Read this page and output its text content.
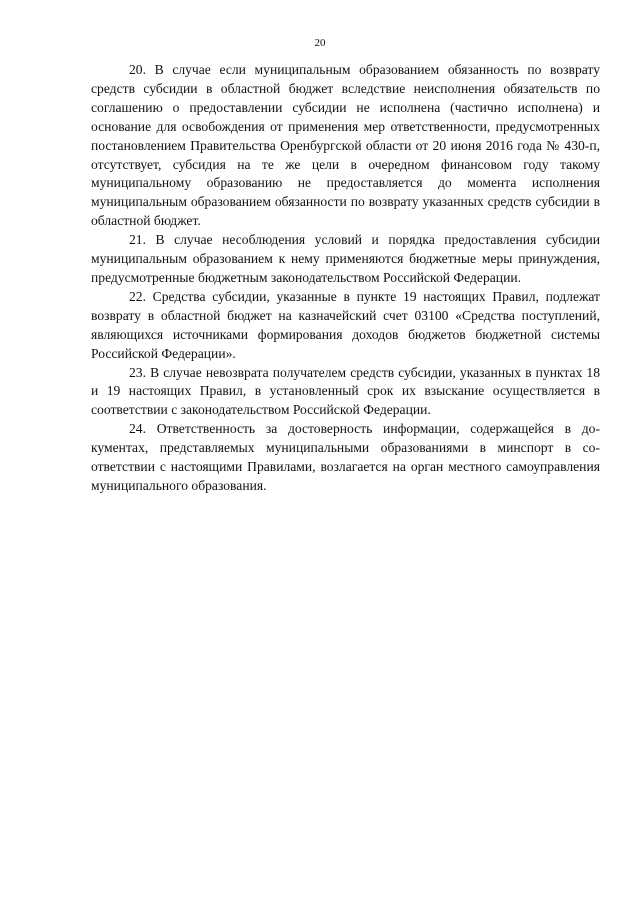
20

20. В случае если муниципальным образованием обязанность по возврату средств субсидии в областной бюджет вследствие неисполнения обязательств по соглашению о предоставлении субсидии не исполнена (частично исполнена) и основание для освобождения от применения мер ответственности, предусмотренных постановлением Правительства Оренбургской области от 20 июня 2016 года № 430-п, отсутствует, субсидия на те же цели в очередном финансовом году такому муниципальному образованию не предоставляется до момента исполнения муниципальным образованием обязанности по возврату указанных средств субсидии в областной бюджет.

21. В случае несоблюдения условий и порядка предоставления субсидии муниципальным образованием к нему применяются бюджетные меры принуждения, предусмотренные бюджетным законодательством Российской Федерации.

22. Средства субсидии, указанные в пункте 19 настоящих Правил, подлежат возврату в областной бюджет на казначейский счет 03100 «Средства поступлений, являющихся источниками формирования доходов бюджетов бюджетной системы Российской Федерации».

23. В случае невозврата получателем средств субсидии, указанных в пунктах 18 и 19 настоящих Правил, в установленный срок их взыскание осуществляется в соответствии с законодательством Российской Федерации.

24. Ответственность за достоверность информации, содержащейся в документах, представляемых муниципальными образованиями в минспорт в соответствии с настоящими Правилами, возлагается на орган местного самоуправления муниципального образования.
